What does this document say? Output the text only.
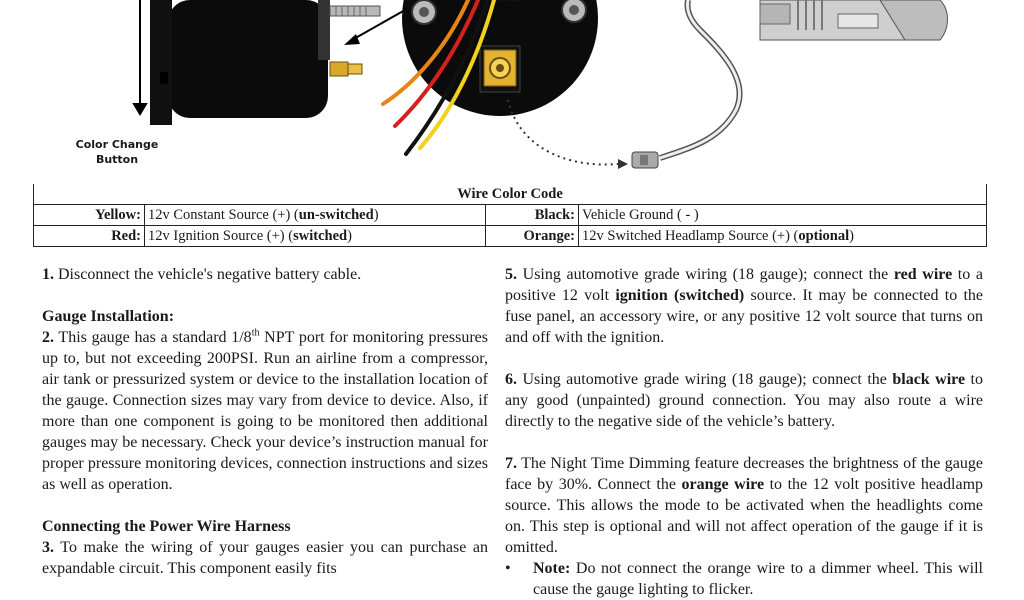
Color Change
Button
Wire Color Code			
Yellow:	12v Constant Source (+) (un-switched)	Black:	Vehicle Ground ( - )
Red:	12v Ignition Source (+) (switched)	Orange:	12v Switched Headlamp Source (+) (optional)

1. Disconnect the vehicle's negative battery cable.

Gauge Installation:

2. This gauge has a standard 1/8th NPT port for monitoring pressures up to, but not exceeding 200PSI. Run an airline from a compressor, air tank or pressurized system or device to the installation location of the gauge. Connection sizes may vary from device to device. Also, if more than one component is going to be monitored then additional gauges may be necessary. Check your device’s instruction manual for proper pressure monitoring devices, connection instructions and sizes as well as operation.

Connecting the Power Wire Harness

3. To make the wiring of your gauges easier you can purchase an expandable circuit. This component easily fits

5. Using automotive grade wiring (18 gauge); connect the red wire to a positive 12 volt ignition (switched) source. It may be connected to the fuse panel, an accessory wire, or any positive 12 volt source that turns on and off with the ignition.

6. Using automotive grade wiring (18 gauge); connect the black wire to any good (unpainted) ground connection. You may also route a wire directly to the negative side of the vehicle’s battery.

7. The Night Time Dimming feature decreases the brightness of the gauge face by 30%. Connect the orange wire to the 12 volt positive headlamp source. This allows the mode to be activated when the headlights come on. This step is optional and will not affect operation of the gauge if it is omitted.

• Note: Do not connect the orange wire to a dimmer wheel. This will cause the gauge lighting to flicker.
